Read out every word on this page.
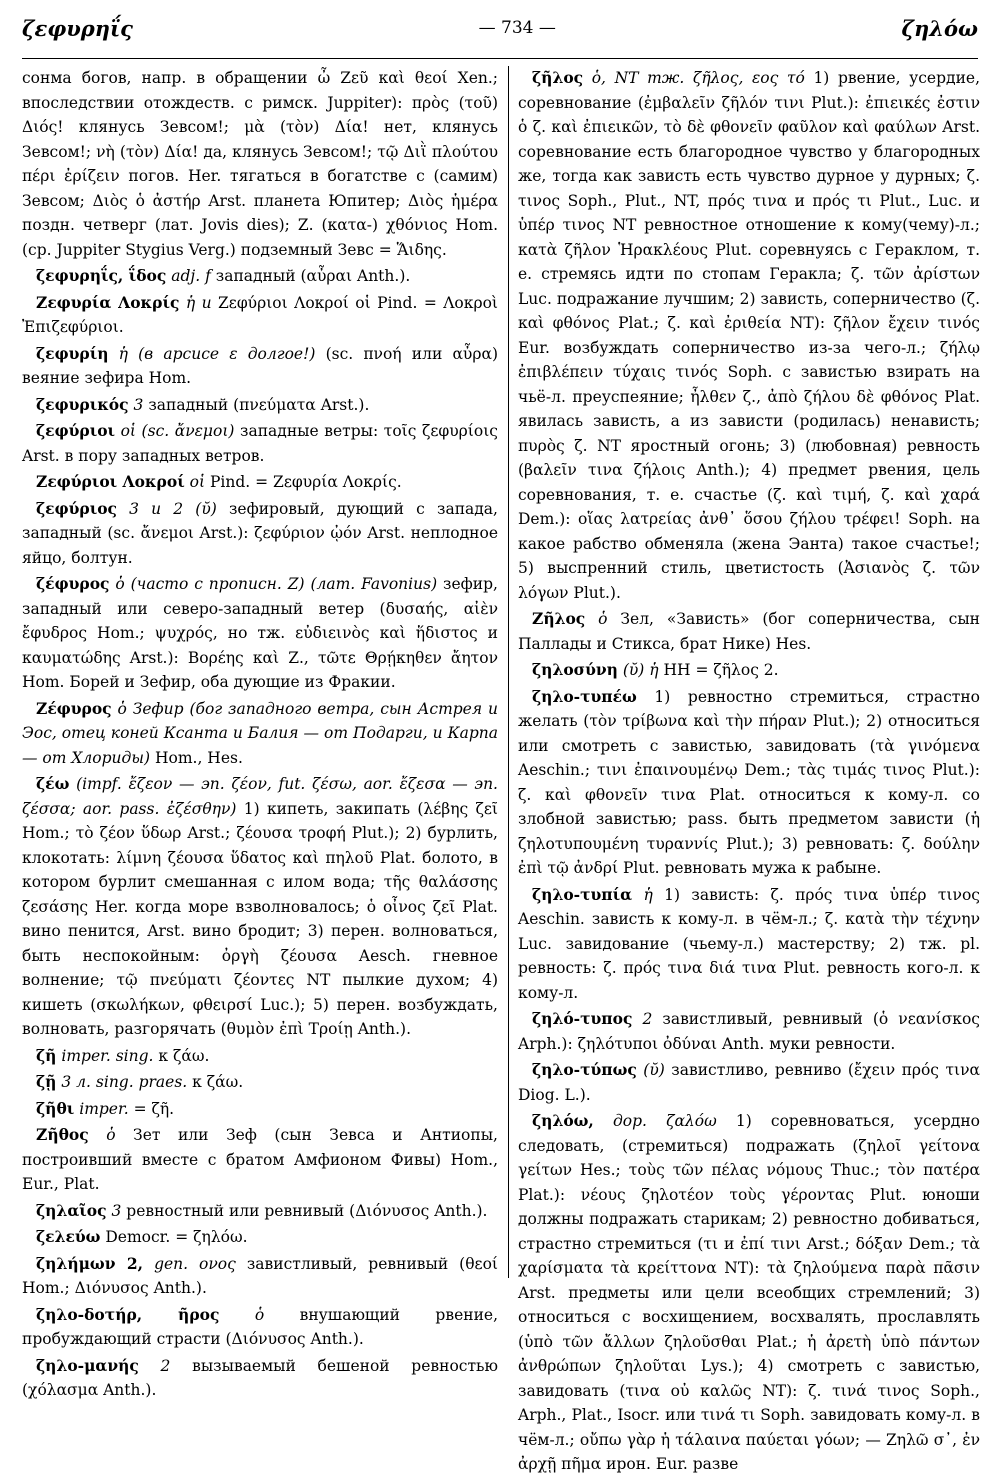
ζεφυρηΐς	— 734 —	ζηλόω

сонма богов, напр. в обращении ὦ Ζεῦ καὶ θεοί Xen.; впоследствии отождеств. с римск. Juppiter): πρὸς (τοῦ) Διός! клянусь Зевсом!; μὰ (τὸν) Δία! нет, клянусь Зевсом!; νὴ (τὸν) Δία! да, клянусь Зевсом!; τῷ Διῒ πλούτου πέρι ἐρίζειν погов. Her. тягаться в богатстве с (самим) Зевсом; Διὸς ὁ ἀστήρ Arst. планета Юпитер; Διὸς ἡμέρα поздн. четверг (лат. Jovis dies); Ζ. (κατα-) χθόνιος Hom. (ср. Juppiter Stygius Verg.) подземный Зевс = Ἅιδης.

ζεφυρηΐς, ΐδος adj. f западный (αὖραι Anth.).

Ζεφυρία Λοκρίς ἡ и Ζεφύριοι Λοκροί οἱ Pind. = Λοκροὶ Ἐπιζεφύριοι.

ζεφυρίη ἡ (в арсисе ε долгое!) (sc. πνοή или αὖρα) веяние зефира Hom.

ζεφυρικός 3 западный (πνεύματα Arst.).

ζεφύριοι οἱ (sc. ἄνεμοι) западные ветры: τοῖς ζεφυρίοις Arst. в пору западных ветров.

Ζεφύριοι Λοκροί οἱ Pind. = Ζεφυρία Λοκρίς.

ζεφύριος 3 и 2 (ῠ) зефировый, дующий с запада, западный (sc. ἄνεμοι Arst.): ζεφύριον ᾠόν Arst. неплодное яйцо, болтун.

ζέφυρος ὁ (часто с прописн. Ζ) (лат. Favonius) зефир, западный или северо-западный ветер (δυσαής, αἰὲν ἔφυδρος Hom.; ψυχρός, но тж. εὐδιεινὸς καὶ ἥδιστος и καυματώδης Arst.): Βορέης καὶ Ζ., τῶτε Θρῄκηθεν ἄητον Hom. Борей и Зефир, оба дующие из Фракии.

Ζέφυρος ὁ Зефир (бог западного ветра, сын Астрея и Эос, отец коней Ксанта и Балия — от Подарги, и Карпа — от Хлориды) Hom., Hes.

ζέω (impf. ἔζεον — эп. ζέον, fut. ζέσω, aor. ἔζεσα — эп. ζέσσα; aor. pass. ἐζέσθην) 1) кипеть, закипать (λέβης ζεῖ Hom.; τὸ ζέον ὕδωρ Arst.; ζέουσα τροφή Plut.); 2) бурлить, клокотать: λίμνη ζέουσα ὕδατος καὶ πηλοῦ Plat. болото, в котором бурлит смешанная с илом вода; τῆς θαλάσσης ζεσάσης Her. когда море взволновалось; ὁ οἶνος ζεῖ Plat. вино пенится, Arst. вино бродит; 3) перен. волноваться, быть неспокойным: ὀργὴ ζέουσα Aesch. гневное волнение; τῷ πνεύματι ζέοντες NT пылкие духом; 4) кишеть (σκωλήκων, φθειρσί Luc.); 5) перен. возбуждать, волновать, разгорячать (θυμὸν ἐπὶ Τροίῃ Anth.).

ζῆ imper. sing. к ζάω.

ζῇ 3 л. sing. praes. к ζάω.

ζῆθι imper. = ζῆ.

Ζῆθος ὁ Зет или Зеф (сын Зевса и Антиопы, построивший вместе с братом Амфионом Фивы) Hom., Eur., Plat.

ζηλαῖος 3 ревностный или ревнивый (Διόνυσος Anth.).

ζελεύω Democr. = ζηλόω.

ζηλήμων 2, gen. ονος завистливый, ревнивый (θεοί Hom.; Διόνυσος Anth.).

ζηλο-δοτήρ, ῆρος ὁ внушающий рвение, пробуждающий страсти (Διόνυσος Anth.).

ζηλο-μανής 2 вызываемый бешеной ревностью (χόλασμα Anth.).

ζῆλος ὁ, NT тж. ζῆλος, εος τό 1) рвение, усердие, соревнование (ἐμβαλεῖν ζῆλόν τινι Plut.): ἐπιεικές ἐστιν ὁ ζ. καὶ ἐπιεικῶν, τὸ δὲ φθονεῖν φαῦλον καὶ φαύλων Arst. соревнование есть благородное чувство у благородных же, тогда как зависть есть чувство дурное у дурных; ζ. τινος Soph., Plut., NT, πρός τινα и πρός τι Plut., Luc. и ὑπέρ τινος NT ревностное отношение к кому(чему)-л.; κατὰ ζῆλον Ἡρακλέους Plut. соревнуясь с Гераклом, т. е. стремясь идти по стопам Геракла; ζ. τῶν ἀρίστων Luc. подражание лучшим; 2) зависть, соперничество (ζ. καὶ φθόνος Plat.; ζ. καὶ ἐριθεία NT): ζῆλον ἔχειν τινός Eur. возбуждать соперничество из-за чего-л.; ζήλῳ ἐπιβλέπειν τύχαις τινός Soph. с завистью взирать на чьё-л. преуспеяние; ἦλθεν ζ., ἀπὸ ζήλου δὲ φθόνος Plat. явилась зависть, а из зависти (родилась) ненависть; πυρὸς ζ. NT яростный огонь; 3) (любовная) ревность (βαλεῖν τινα ζήλοις Anth.); 4) предмет рвения, цель соревнования, т. е. счастье (ζ. καὶ τιμή, ζ. καὶ χαρά Dem.): οἵας λατρείας ἀνθ᾽ ὅσου ζήλου τρέφει! Soph. на какое рабство обменяла (жена Эанта) такое счастье!; 5) выспренний стиль, цветистость (Ἀσιανὸς ζ. τῶν λόγων Plut.).

Ζῆλος ὁ Зел, «Зависть» (бог соперничества, сын Паллады и Стикса, брат Нике) Hes.

ζηλοσύνη (ῠ) ἡ HH = ζῆλος 2.

ζηλο-τυπέω 1) ревностно стремиться, страстно желать (τὸν τρίβωνα καὶ τὴν πήραν Plut.); 2) относиться или смотреть с завистью, завидовать (τὰ γινόμενα Aeschin.; τινι ἐπαινουμένῳ Dem.; τὰς τιμάς τινος Plut.): ζ. καὶ φθονεῖν τινα Plat. относиться к кому-л. со злобной завистью; pass. быть предметом зависти (ἡ ζηλοτυπουμένη τυραννίς Plut.); 3) ревновать: ζ. δούλην ἐπὶ τῷ ἀνδρί Plut. ревновать мужа к рабыне.

ζηλο-τυπία ἡ 1) зависть: ζ. πρός τινα ὑπέρ τινος Aeschin. зависть к кому-л. в чём-л.; ζ. κατὰ τὴν τέχνην Luc. завидование (чьему-л.) мастерству; 2) тж. pl. ревность: ζ. πρός τινα διά τινα Plut. ревность кого-л. к кому-л.

ζηλό-τυπος 2 завистливый, ревнивый (ὁ νεανίσκος Arph.): ζηλότυποι ὀδύναι Anth. муки ревности.

ζηλο-τύπως (ῠ) завистливо, ревниво (ἔχειν πρός τινα Diog. L.).

ζηλόω, дор. ζαλόω 1) соревноваться, усердно следовать, (стремиться) подражать (ζηλοῖ γείτονα γείτων Hes.; τοὺς τῶν πέλας νόμους Thuc.; τὸν πατέρα Plat.): νέους ζηλοτέον τοὺς γέροντας Plut. юноши должны подражать старикам; 2) ревностно добиваться, страстно стремиться (τι и ἐπί τινι Arst.; δόξαν Dem.; τὰ χαρίσματα τὰ κρείττονα NT): τὰ ζηλούμενα παρὰ πᾶσιν Arst. предметы или цели всеобщих стремлений; 3) относиться с восхищением, восхвалять, прославлять (ὑπὸ τῶν ἄλλων ζηλοῦσθαι Plat.; ἡ ἀρετὴ ὑπὸ πάντων ἀνθρώπων ζηλοῦται Lys.); 4) смотреть с завистью, завидовать (τινα οὐ καλῶς NT): ζ. τινά τινος Soph., Arph., Plat., Isocr. или τινά τι Soph. завидовать кому-л. в чём-л.; οὔπω γὰρ ἡ τάλαινα παύεται γόων; — Ζηλῶ σ᾽, ἐν ἀρχῇ πῆμα ирон. Eur. разве
